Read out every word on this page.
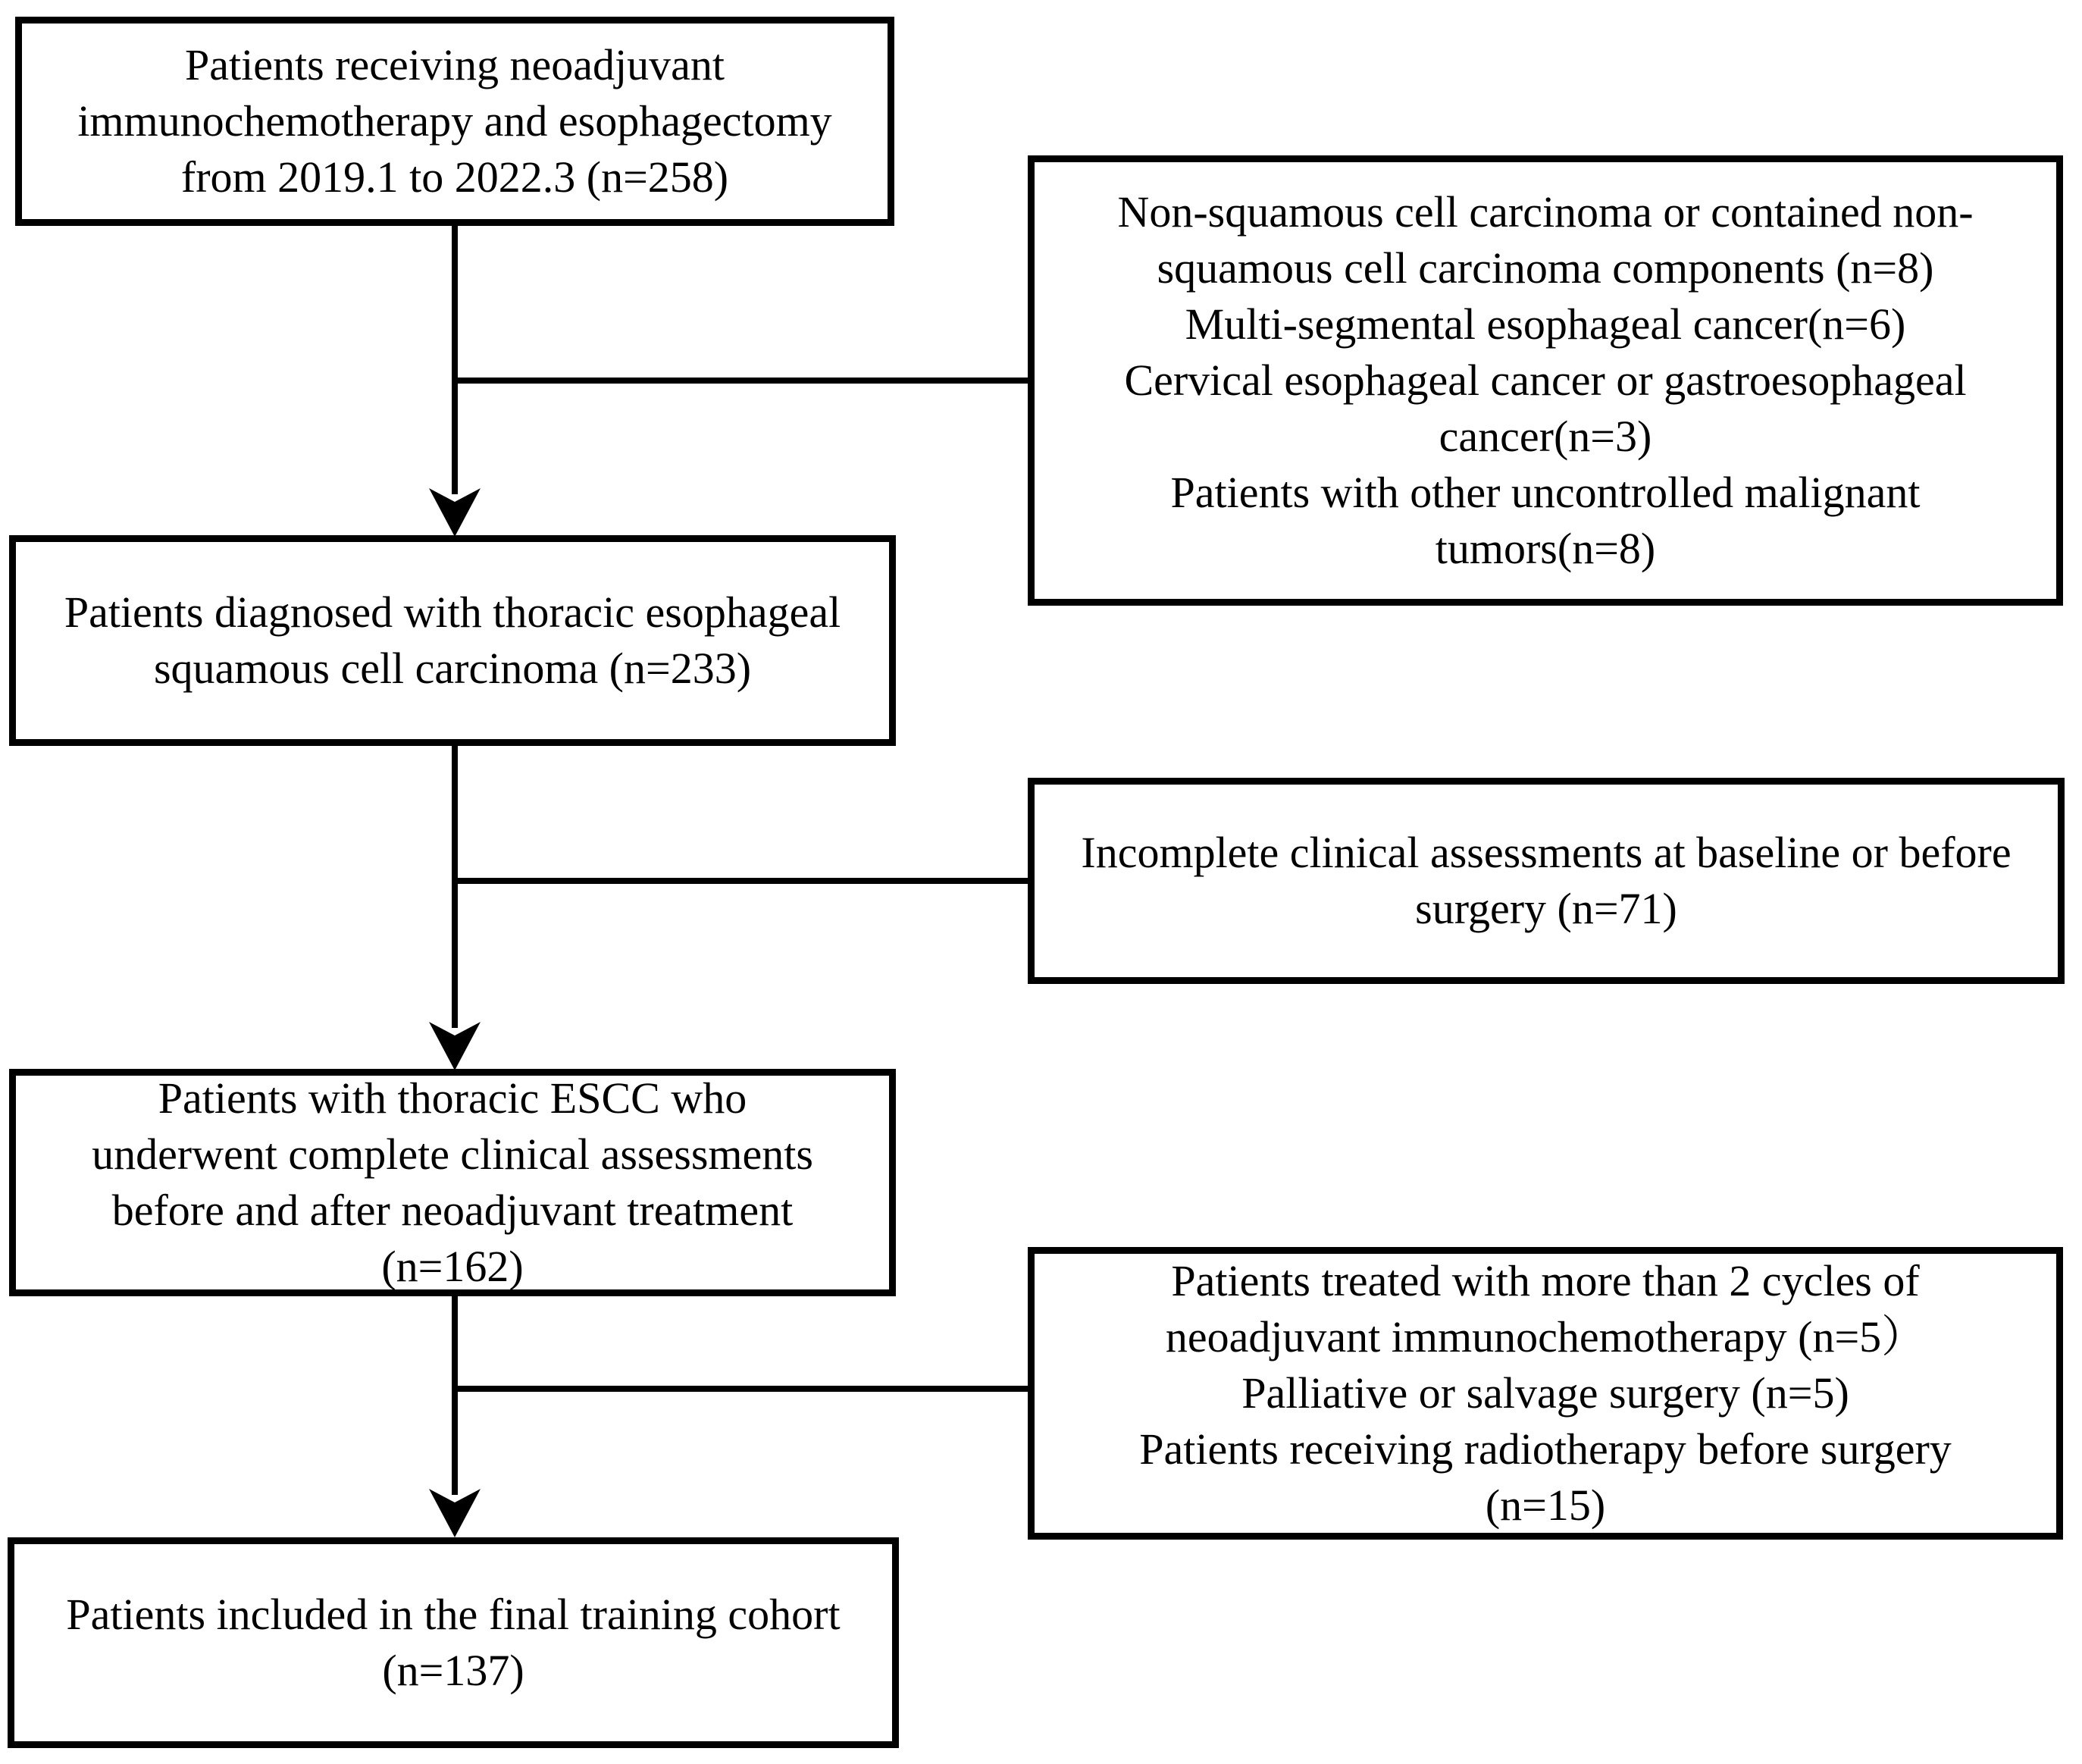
Patients receiving neoadjuvant
immunochemotherapy and esophagectomy
from 2019.1 to 2022.3 (n=258)
Non-squamous cell carcinoma or contained non-
squamous cell carcinoma components (n=8)
Multi-segmental esophageal cancer(n=6)
Cervical esophageal cancer or gastroesophageal
cancer(n=3)
Patients with other uncontrolled malignant
tumors(n=8)
Patients diagnosed with thoracic esophageal
squamous cell carcinoma (n=233)
Incomplete clinical assessments at baseline or before
surgery (n=71)
Patients with thoracic ESCC who
underwent complete clinical assessments
before and after neoadjuvant treatment
(n=162)	Patients treated with more than 2 cycles of
neoadjuvant immunochemotherapy (n=5）
Palliative or salvage surgery (n=5)
Patients receiving radiotherapy before surgery
(n=15)
Patients included in the final training cohort
(n=137)
